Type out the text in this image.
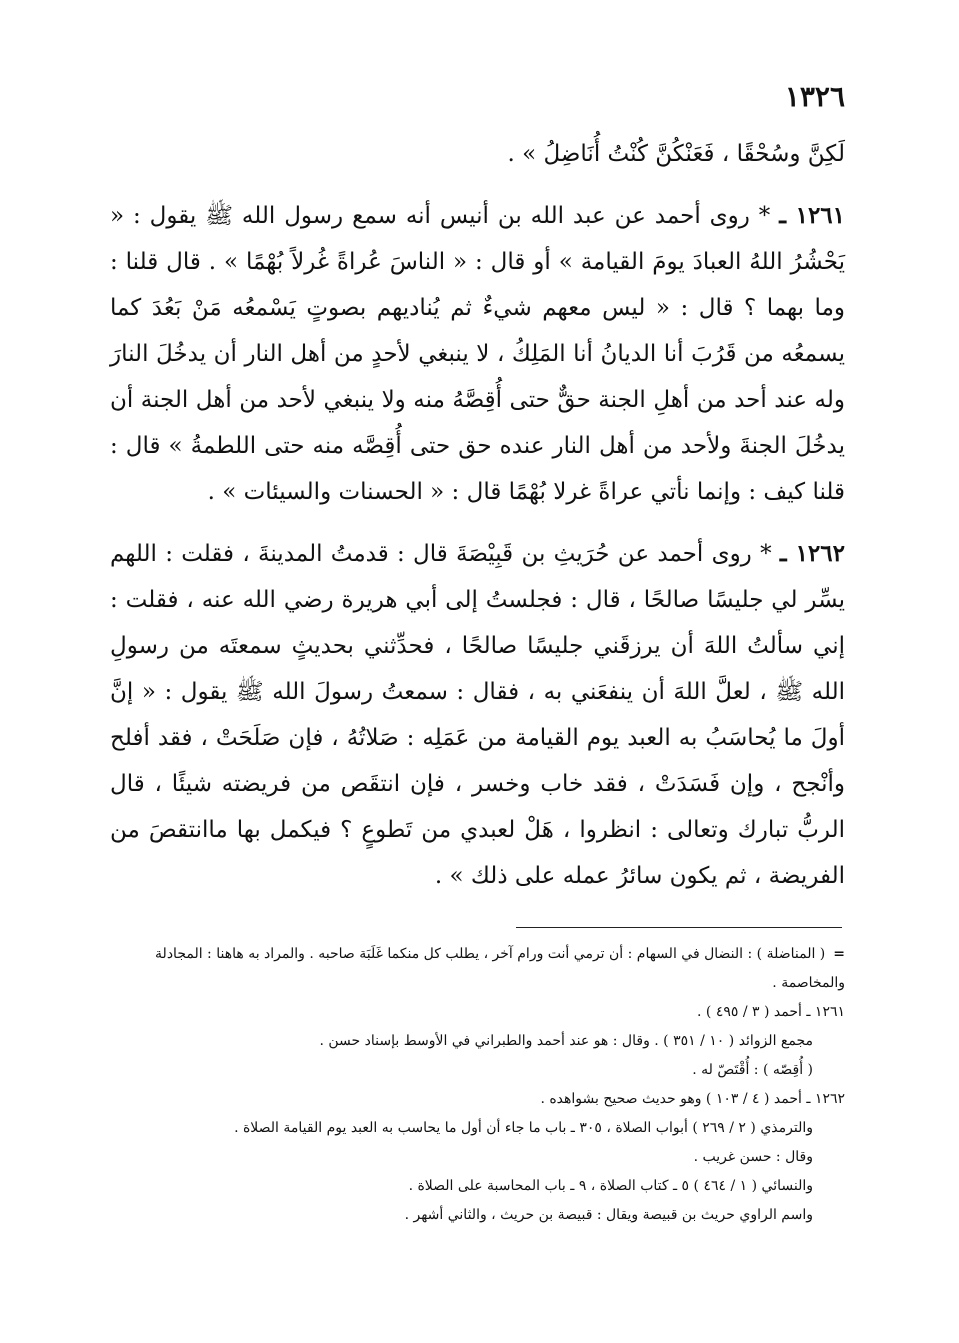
١٣٢٦

لَكِنَّ وسُحْقًا ، فَعَنْكُنَّ كُنْتُ أُنَاضِلُ » .

١٢٦١ ـ * روى أحمد عن عبد الله بن أنيس أنه سمع رسول الله ﷺ يقول : « يَحْشُرُ اللهُ العبادَ يومَ القيامة » أو قال : « الناسَ عُراةً غُرلاً بُهْمًا » . قال قلنا : وما بهما ؟ قال : « ليس معهم شيءٌ ثم يُناديهم بصوتٍ يَسْمعُه مَنْ بَعُدَ كما يسمعُه من قَرُبَ أنا الديانُ أنا المَلِكُ ، لا ينبغي لأحدٍ من أهل النار أن يدخُلَ النارَ وله عند أحد من أهلِ الجنة حقٌّ حتى أُقِصَّهُ منه ولا ينبغي لأحد من أهل الجنة أن يدخُلَ الجنةَ ولأحد من أهل النار عنده حق حتى أُقِصَّه منه حتى اللطمةُ » قال : قلنا كيف : وإنما نأتي عراةً غرلا بُهْمًا قال : « الحسنات والسيئات » .

١٢٦٢ ـ * روى أحمد عن حُرَيثِ بن قَبِيْصَةَ قال : قدمتُ المدينةَ ، فقلت : اللهم يسِّر لي جليسًا صالحًا ، قال : فجلستُ إلى أبي هريرة رضي الله عنه ، فقلت : إني سألتُ اللهَ أن يرزقَني جليسًا صالحًا ، فحدِّثني بحديثٍ سمعتَه من رسولِ الله ﷺ ، لعلَّ اللهَ أن ينفعَني به ، فقال : سمعتُ رسولَ الله ﷺ يقول : « إنَّ أولَ ما يُحاسَبُ به العبد يوم القيامة من عَمَلِه : صَلاتُهُ ، فإن صَلَحَتْ ، فقد أفلح وأنْجح ، وإن فَسَدَتْ ، فقد خاب وخسر ، فإن انتقَص من فريضته شيئًا ، قال الربُّ تبارك وتعالى : انظروا ، هَلْ لعبدي من تَطوعٍ ؟ فيكمل بها ماانتقصَ من الفريضة ، ثم يكون سائرُ عمله على ذلك » .

=( المناضلة ) : النضال في السهام : أن ترمي أنت ورام آخر ، يطلب كل منكما غَلَبَة صاحبه . والمراد به هاهنا : المجادلة والمخاصمة .
١٢٦١ ـ أحمد ( ٣ / ٤٩٥ ) .
مجمع الزوائد ( ١٠ / ٣٥١ ) . وقال : هو عند أحمد والطبراني في الأوسط بإسناد حسن .
( أُقِصّه ) : أُقْتَصّ له .
١٢٦٢ ـ أحمد ( ٤ / ١٠٣ ) وهو حديث صحيح بشواهده .
والترمذي ( ٢ / ٢٦٩ ) أبواب الصلاة ، ٣٠٥ ـ باب ما جاء أن أول ما يحاسب به العبد يوم القيامة الصلاة .
وقال : حسن غريب .
والنسائي ( ١ / ٤٦٤ ) ٥ ـ كتاب الصلاة ، ٩ ـ باب المحاسبة على الصلاة .
واسم الراوي حريث بن قبيصة ويقال : قبيصة بن حريث ، والثاني أشهر .
